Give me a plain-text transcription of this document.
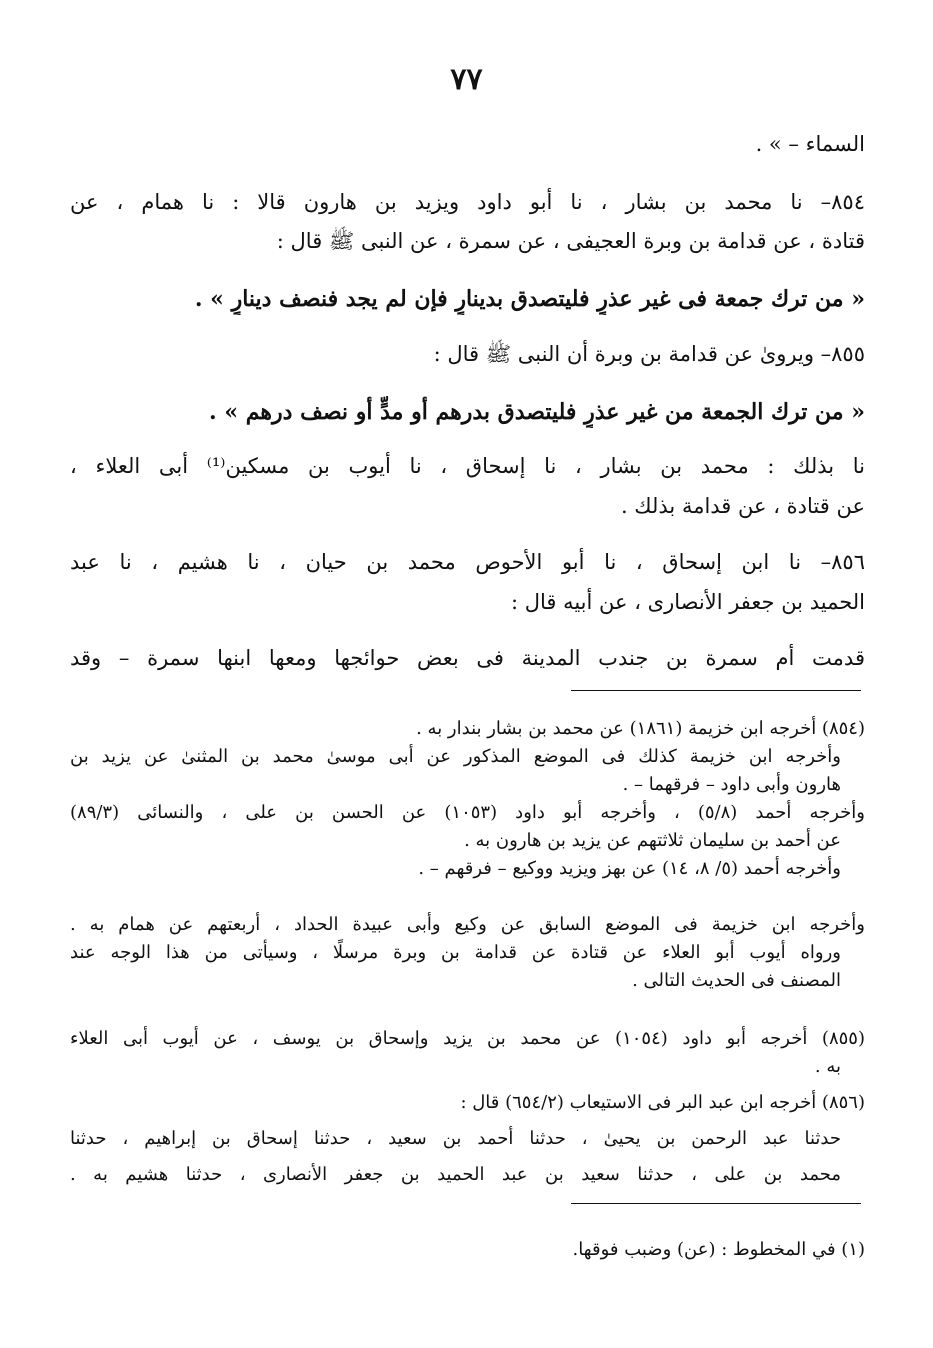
٧٧
السماء – » .
٨٥٤– نا محمد بن بشار ، نا أبو داود ويزيد بن هارون قالا : نا همام ، عن
قتادة ، عن قدامة بن وبرة العجيفى ، عن سمرة ، عن النبى ﷺ قال :
« من ترك جمعة فى غير عذرٍ فليتصدق بدينارٍ فإن لم يجد فنصف دينارٍ » .
٨٥٥– ويروىٰ عن قدامة بن وبرة أن النبى ﷺ قال :
« من ترك الجمعة من غير عذرٍ فليتصدق بدرهم أو مدٍّ أو نصف درهم » .
نا بذلك : محمد بن بشار ، نا إسحاق ، نا أيوب بن مسكين⁽¹⁾ أبى العلاء ،
عن قتادة ، عن قدامة بذلك .
٨٥٦– نا ابن إسحاق ، نا أبو الأحوص محمد بن حيان ، نا هشيم ، نا عبد
الحميد بن جعفر الأنصارى ، عن أبيه قال :
قدمت أم سمرة بن جندب المدينة فى بعض حوائجها ومعها ابنها سمرة – وقد
(٨٥٤) أخرجه ابن خزيمة (١٨٦١) عن محمد بن بشار بندار به .
وأخرجه ابن خزيمة كذلك فى الموضع المذكور عن أبى موسىٰ محمد بن المثنىٰ عن يزيد بن
هارون وأبى داود – فرقهما – .
وأخرجه أحمد (٥/٨) ، وأخرجه أبو داود (١٠٥٣) عن الحسن بن على ، والنسائى (٨٩/٣)
عن أحمد بن سليمان ثلاثتهم عن يزيد بن هارون به .
وأخرجه أحمد (٥/ ٨، ١٤) عن بهز ويزيد ووكيع – فرقهم – .
وأخرجه ابن خزيمة فى الموضع السابق عن وكيع وأبى عبيدة الحداد ، أربعتهم عن همام به .
ورواه أيوب أبو العلاء عن قتادة عن قدامة بن وبرة مرسلًا ، وسيأتى من هذا الوجه عند
المصنف فى الحديث التالى .
(٨٥٥) أخرجه أبو داود (١٠٥٤) عن محمد بن يزيد وإسحاق بن يوسف ، عن أيوب أبى العلاء
به .
(٨٥٦) أخرجه ابن عبد البر فى الاستيعاب (٦٥٤/٢) قال :
حدثنا عبد الرحمن بن يحيىٰ ، حدثنا أحمد بن سعيد ، حدثنا إسحاق بن إبراهيم ، حدثنا
محمد بن على ، حدثنا سعيد بن عبد الحميد بن جعفر الأنصارى ، حدثنا هشيم به .
(١) في المخطوط : (عن) وضبب فوقها.
